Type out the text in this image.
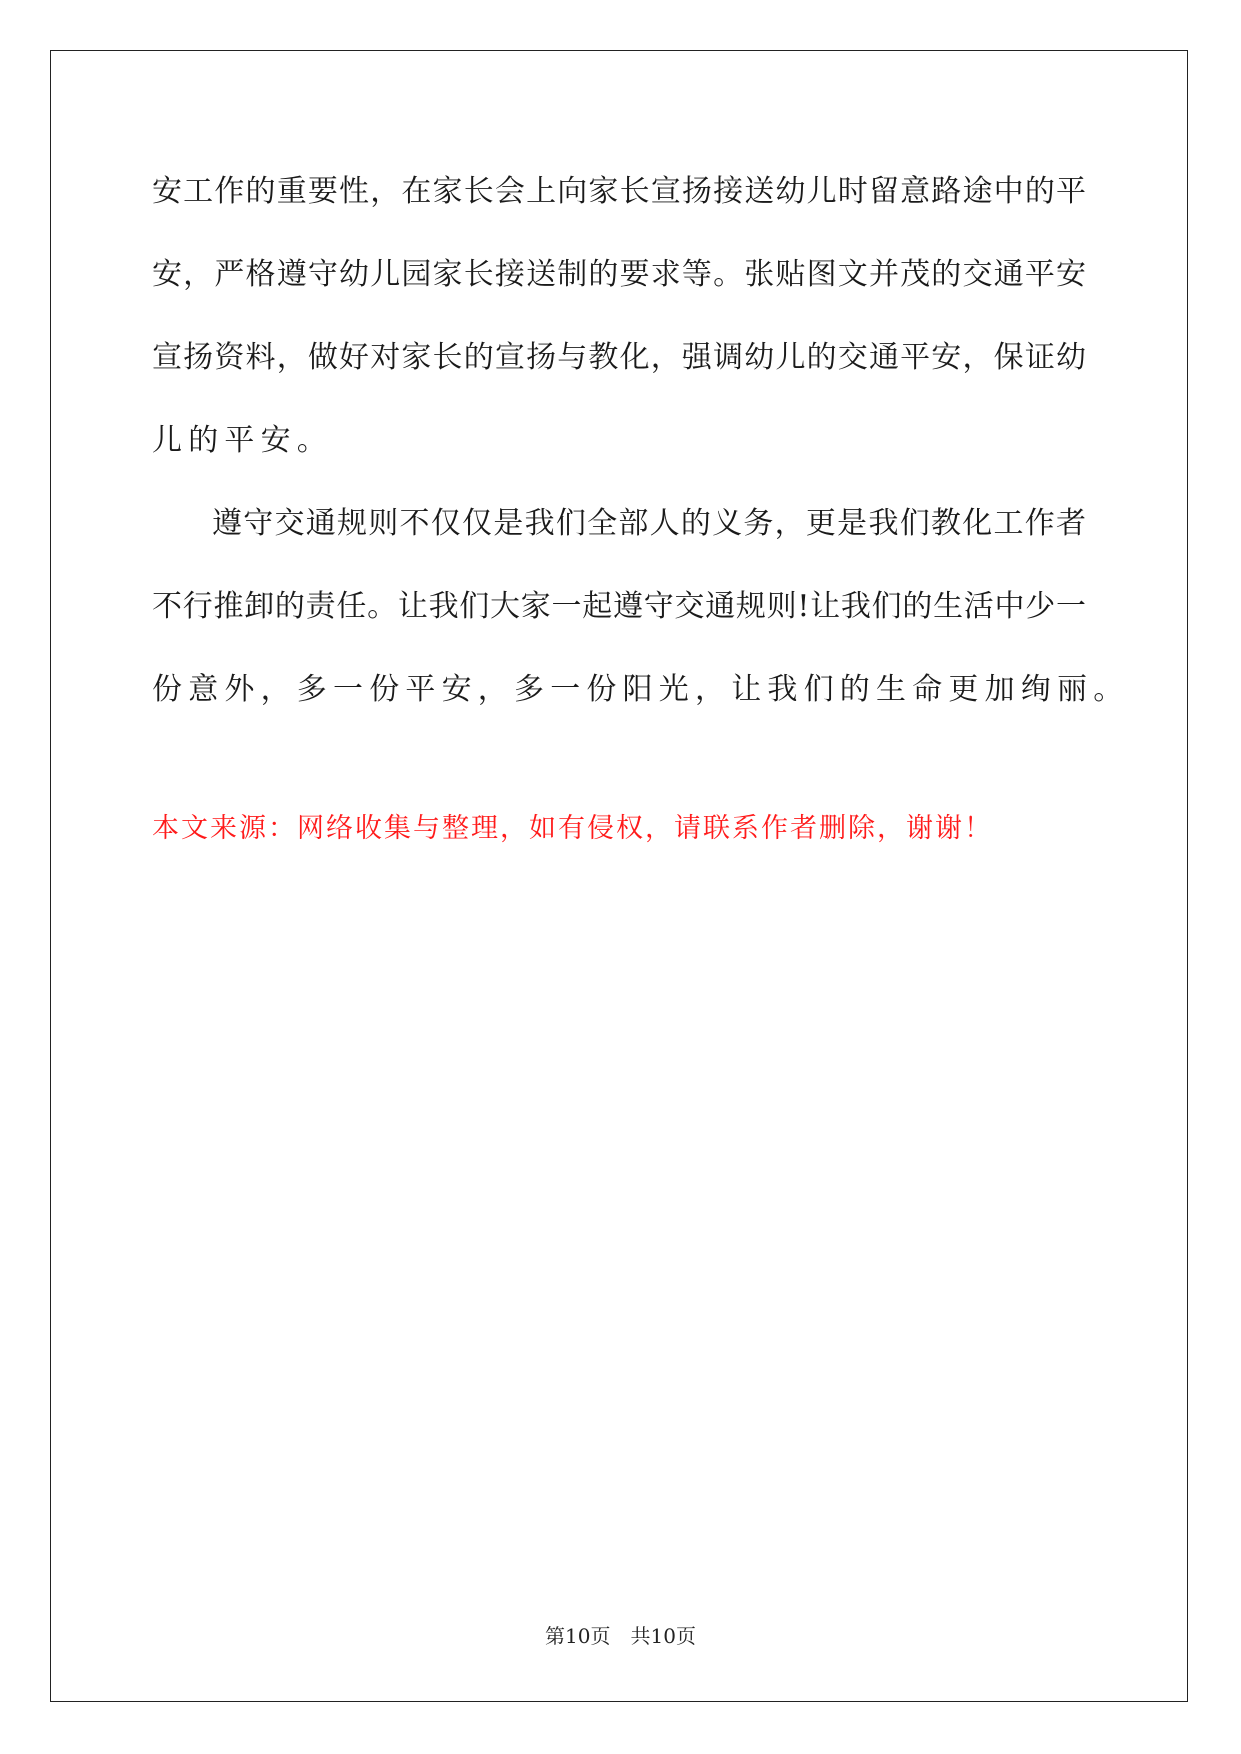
安工作的重要性，在家长会上向家长宣扬接送幼儿时留意路途中的平
安，严格遵守幼儿园家长接送制的要求等。张贴图文并茂的交通平安
宣扬资料，做好对家长的宣扬与教化，强调幼儿的交通平安，保证幼
儿的平安。
遵守交通规则不仅仅是我们全部人的义务，更是我们教化工作者
不行推卸的责任。让我们大家一起遵守交通规则!让我们的生活中少一
份意外，多一份平安，多一份阳光，让我们的生命更加绚丽。
本文来源：网络收集与整理，如有侵权，请联系作者删除，谢谢！
第10页　共10页
